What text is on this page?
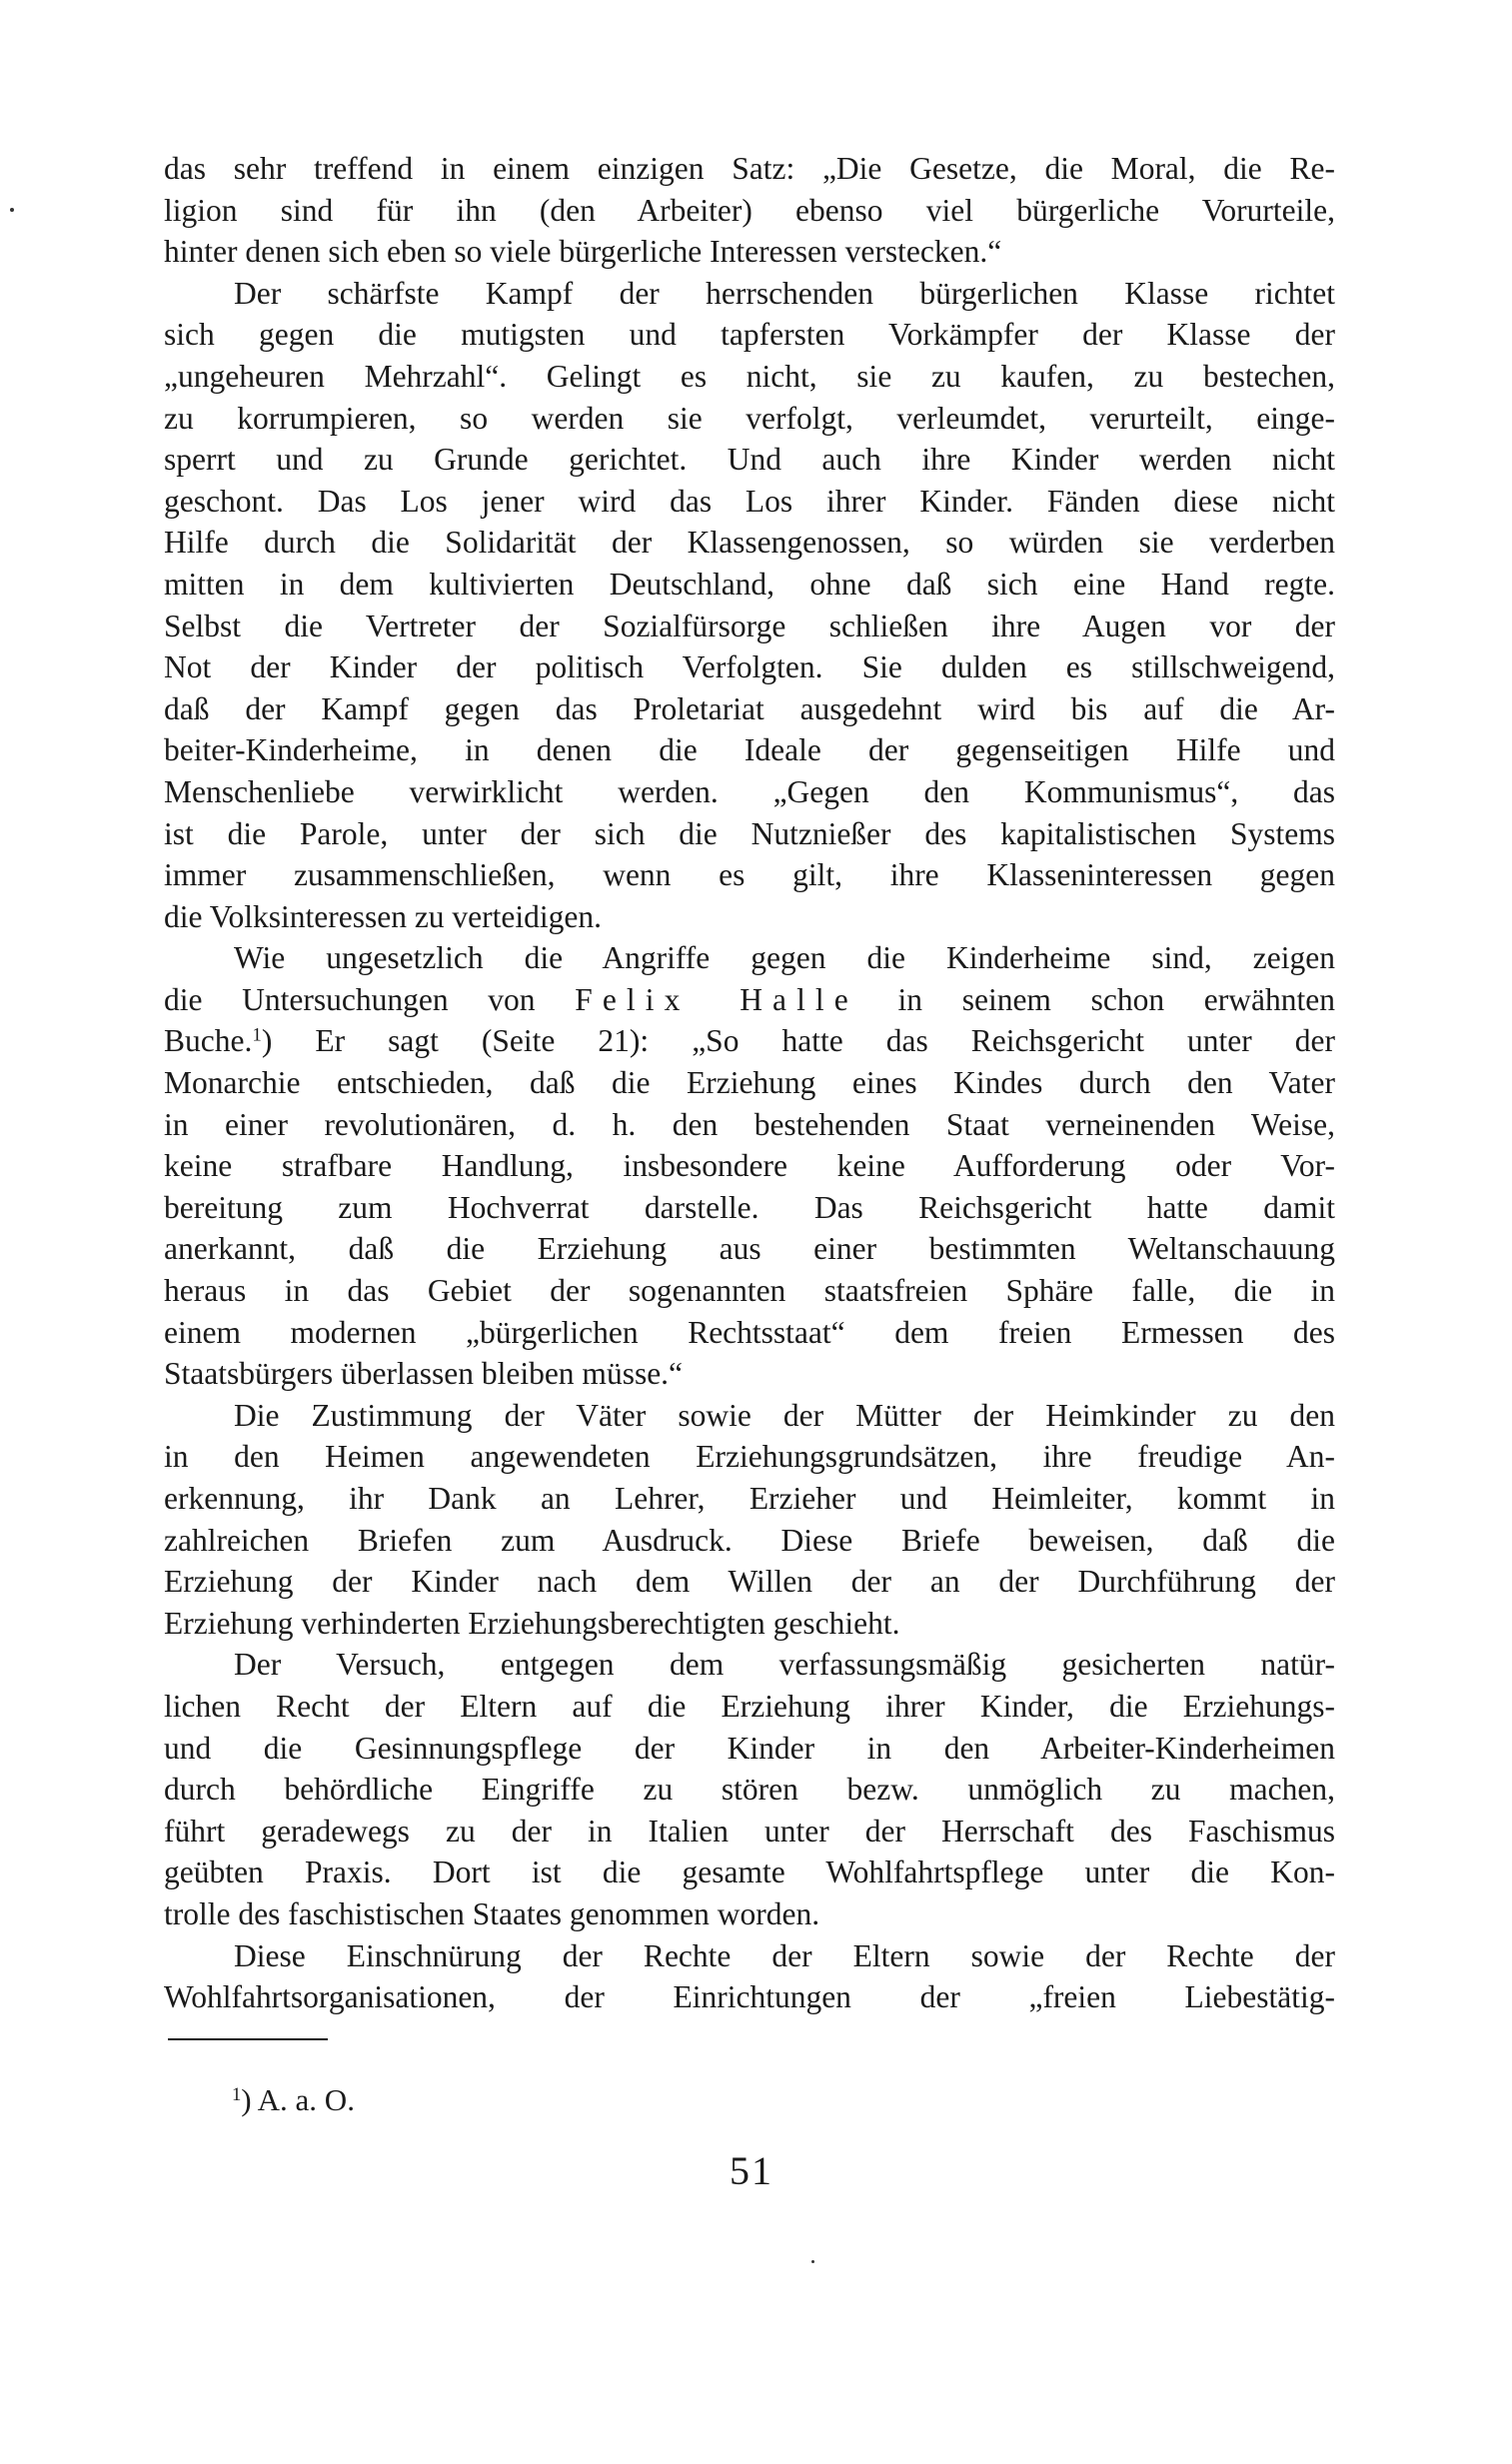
das sehr treffend in einem einzigen Satz: „Die Gesetze, die Moral, die Re-
ligion sind für ihn (den Arbeiter) ebenso viel bürgerliche Vorurteile,
hinter denen sich eben so viele bürgerliche Interessen verstecken.“
Der schärfste Kampf der herrschenden bürgerlichen Klasse richtet
sich gegen die mutigsten und tapfersten Vorkämpfer der Klasse der
„ungeheuren Mehrzahl“. Gelingt es nicht, sie zu kaufen, zu bestechen,
zu korrumpieren, so werden sie verfolgt, verleumdet, verurteilt, einge-
sperrt und zu Grunde gerichtet. Und auch ihre Kinder werden nicht
geschont. Das Los jener wird das Los ihrer Kinder. Fänden diese nicht
Hilfe durch die Solidarität der Klassengenossen, so würden sie verderben
mitten in dem kultivierten Deutschland, ohne daß sich eine Hand regte.
Selbst die Vertreter der Sozialfürsorge schließen ihre Augen vor der
Not der Kinder der politisch Verfolgten. Sie dulden es stillschweigend,
daß der Kampf gegen das Proletariat ausgedehnt wird bis auf die Ar-
beiter-Kinderheime, in denen die Ideale der gegenseitigen Hilfe und
Menschenliebe verwirklicht werden. „Gegen den Kommunismus“, das
ist die Parole, unter der sich die Nutznießer des kapitalistischen Systems
immer zusammenschließen, wenn es gilt, ihre Klasseninteressen gegen
die Volksinteressen zu verteidigen.
Wie ungesetzlich die Angriffe gegen die Kinderheime sind, zeigen
die Untersuchungen von Felix Halle in seinem schon erwähnten
Buche.$^1$) Er sagt (Seite 21): „So hatte das Reichsgericht unter der
Monarchie entschieden, daß die Erziehung eines Kindes durch den Vater
in einer revolutionären, d. h. den bestehenden Staat verneinenden Weise,
keine strafbare Handlung, insbesondere keine Aufforderung oder Vor-
bereitung zum Hochverrat darstelle. Das Reichsgericht hatte damit
anerkannt, daß die Erziehung aus einer bestimmten Weltanschauung
heraus in das Gebiet der sogenannten staatsfreien Sphäre falle, die in
einem modernen „bürgerlichen Rechtsstaat“ dem freien Ermessen des
Staatsbürgers überlassen bleiben müsse.“
Die Zustimmung der Väter sowie der Mütter der Heimkinder zu den
in den Heimen angewendeten Erziehungsgrundsätzen, ihre freudige An-
erkennung, ihr Dank an Lehrer, Erzieher und Heimleiter, kommt in
zahlreichen Briefen zum Ausdruck. Diese Briefe beweisen, daß die
Erziehung der Kinder nach dem Willen der an der Durchführung der
Erziehung verhinderten Erziehungsberechtigten geschieht.
Der Versuch, entgegen dem verfassungsmäßig gesicherten natür-
lichen Recht der Eltern auf die Erziehung ihrer Kinder, die Erziehungs-
und die Gesinnungspflege der Kinder in den Arbeiter-Kinderheimen
durch behördliche Eingriffe zu stören bezw. unmöglich zu machen,
führt geradewegs zu der in Italien unter der Herrschaft des Faschismus
geübten Praxis. Dort ist die gesamte Wohlfahrtspflege unter die Kon-
trolle des faschistischen Staates genommen worden.
Diese Einschnürung der Rechte der Eltern sowie der Rechte der
Wohlfahrtsorganisationen, der Einrichtungen der „freien Liebestätig-
$^1$) A. a. O.
51
